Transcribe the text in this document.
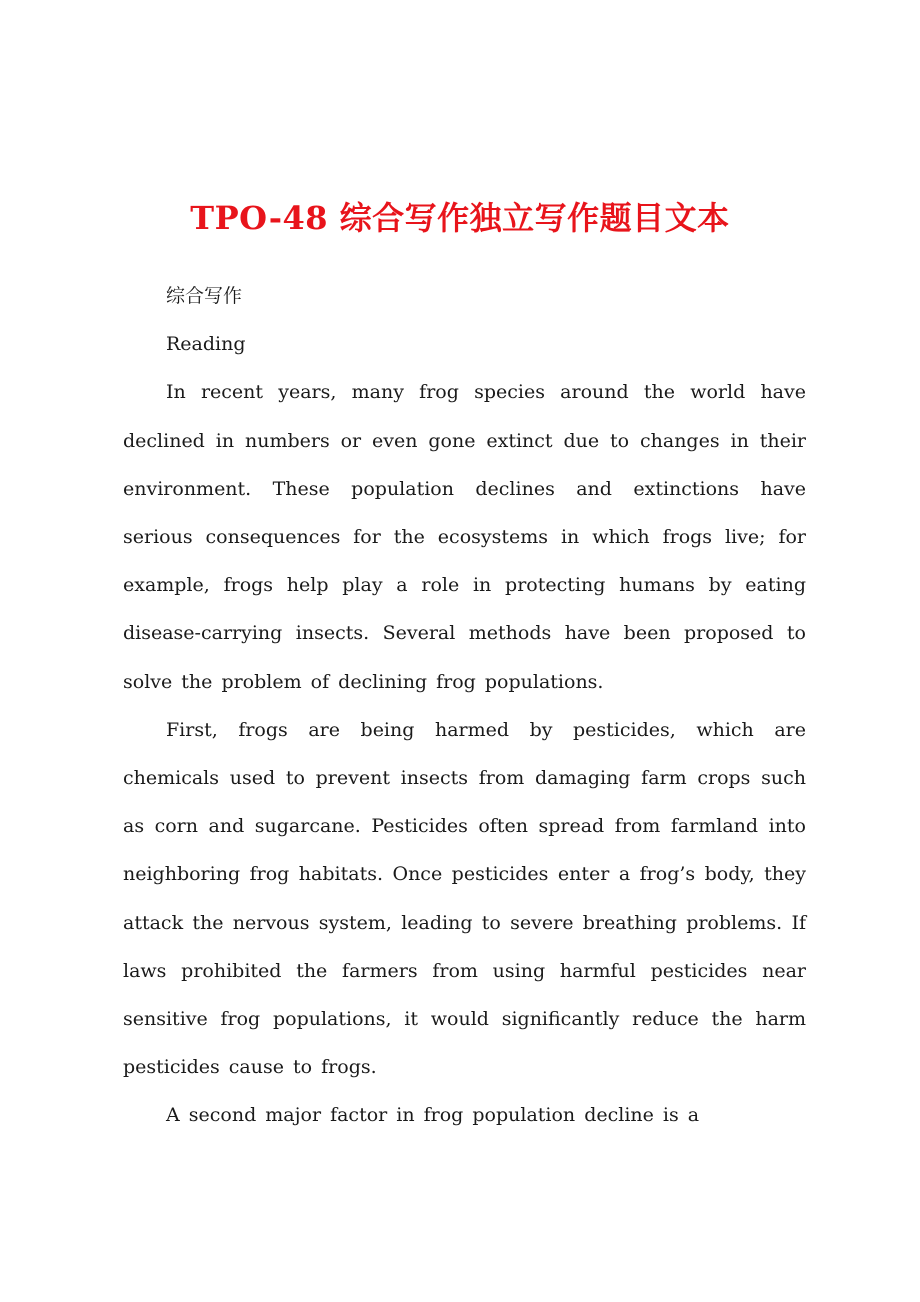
TPO-48 综合写作独立写作题目文本

综合写作

Reading

In recent years, many frog species around the world have declined in numbers or even gone extinct due to changes in their environment. These population declines and extinctions have serious consequences for the ecosystems in which frogs live; for example, frogs help play a role in protecting humans by eating disease-carrying insects. Several methods have been proposed to solve the problem of declining frog populations.

First, frogs are being harmed by pesticides, which are chemicals used to prevent insects from damaging farm crops such as corn and sugarcane. Pesticides often spread from farmland into neighboring frog habitats. Once pesticides enter a frog’s body, they attack the nervous system, leading to severe breathing problems. If laws prohibited the farmers from using harmful pesticides near sensitive frog populations, it would significantly reduce the harm pesticides cause to frogs.

A second major factor in frog population decline is a
